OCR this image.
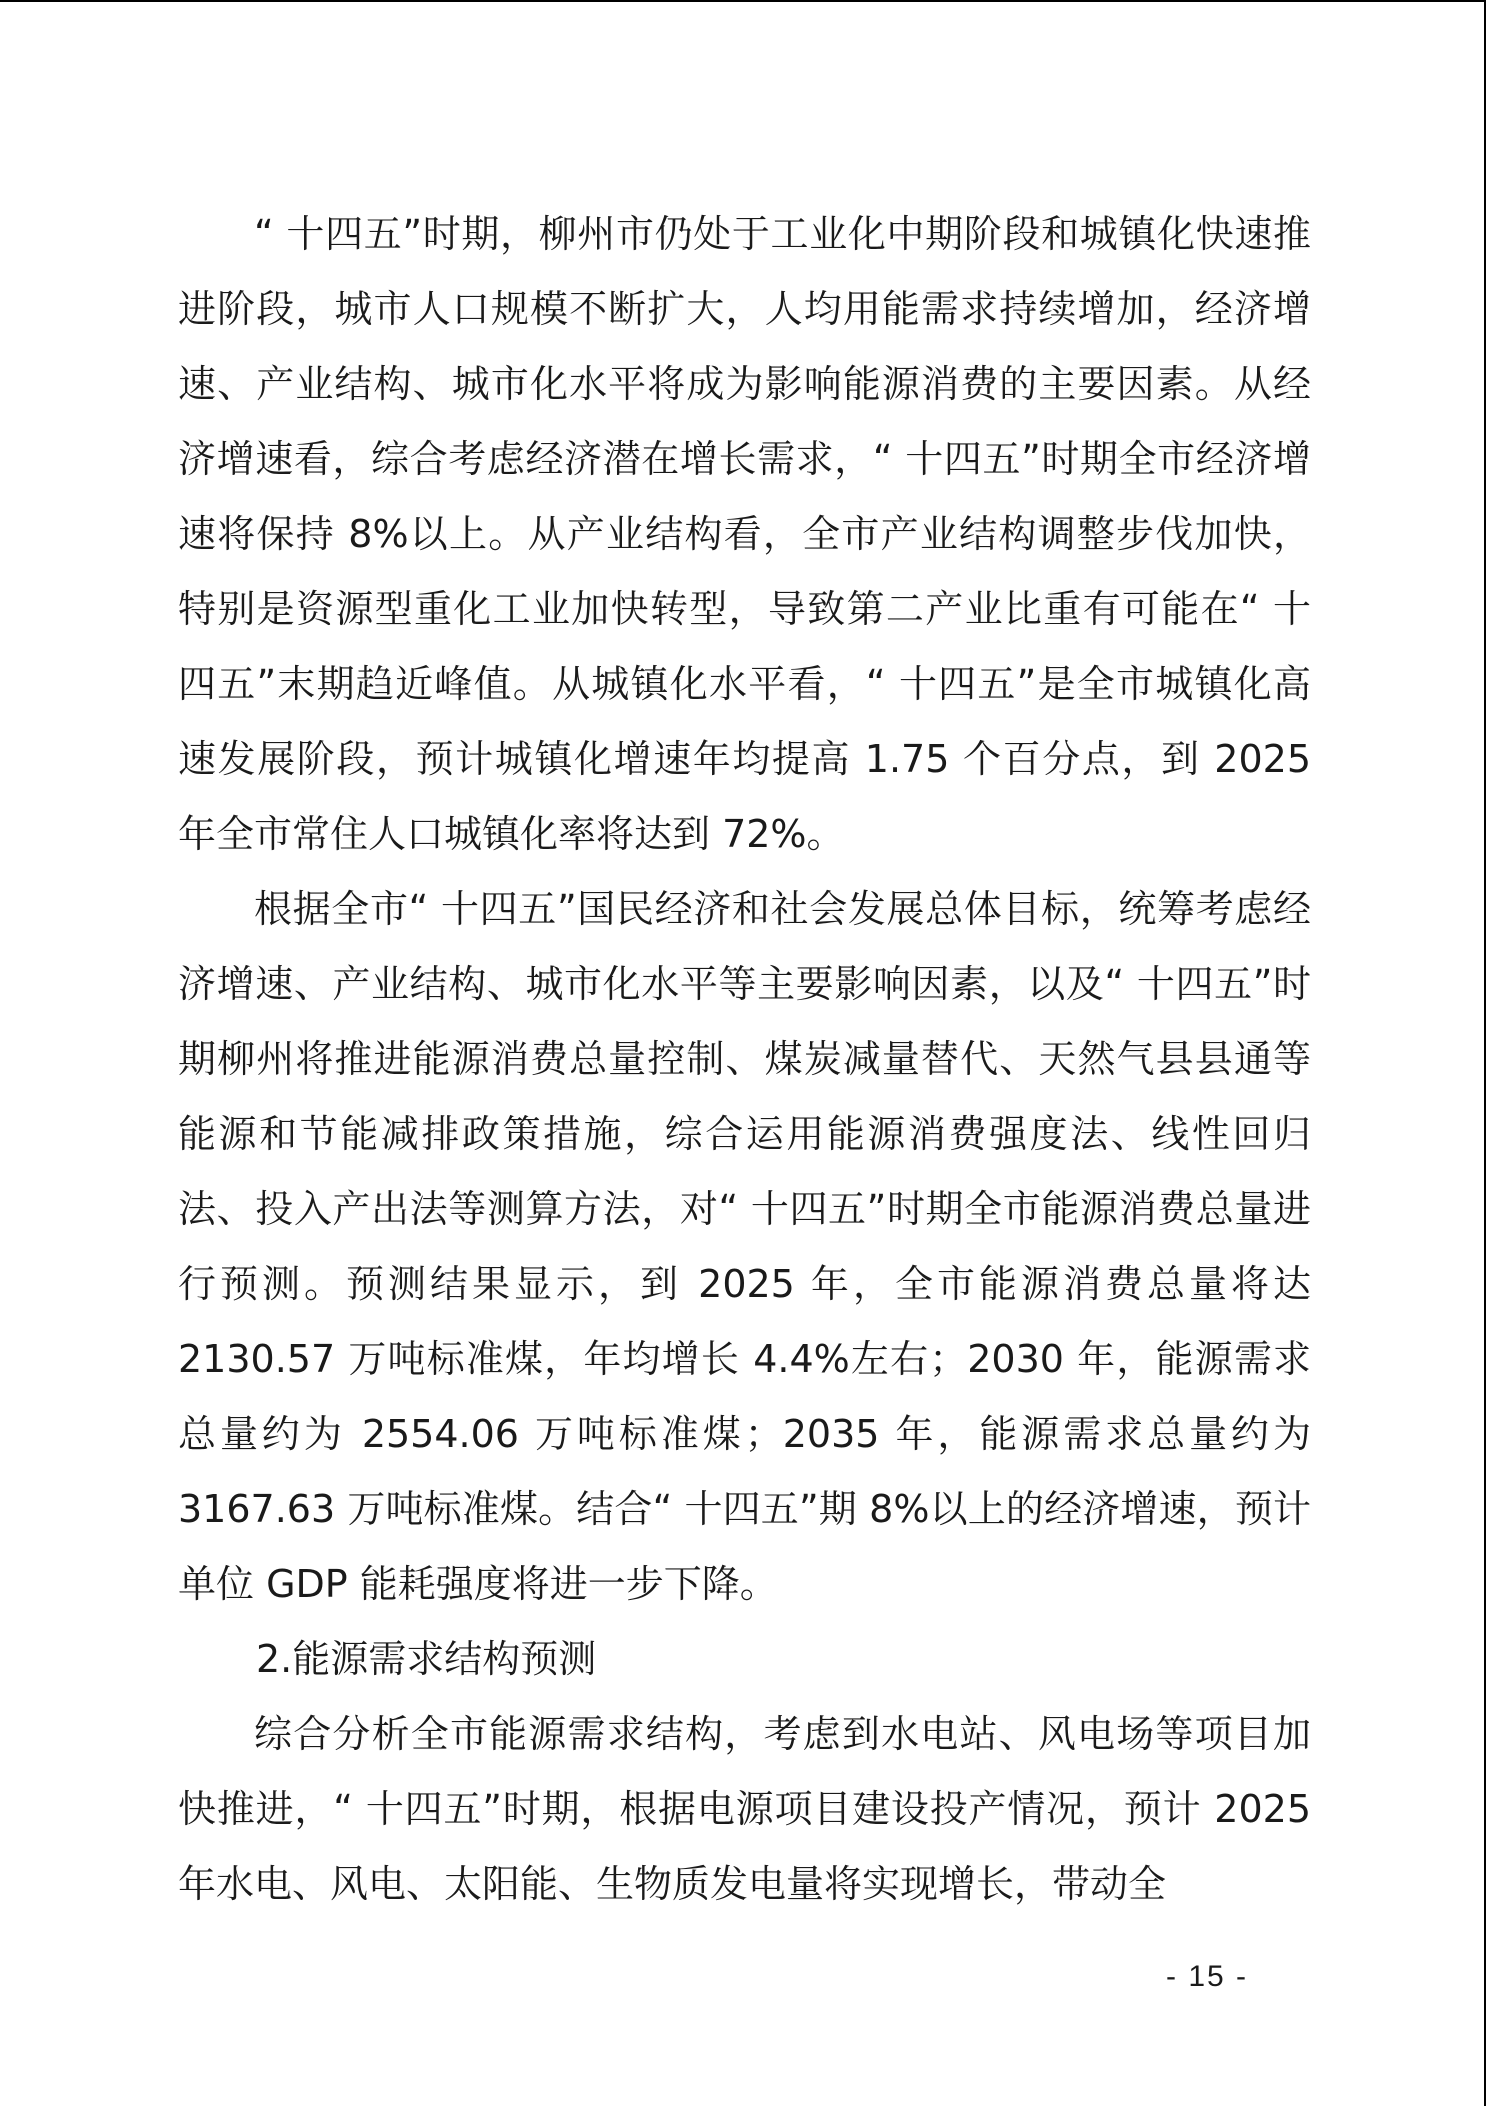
“ 十四五”时期，柳州市仍处于工业化中期阶段和城镇化快速推进阶段，城市人口规模不断扩大，人均用能需求持续增加，经济增速、产业结构、城市化水平将成为影响能源消费的主要因素。从经济增速看，综合考虑经济潜在增长需求，“ 十四五”时期全市经济增速将保持 8%以上。从产业结构看，全市产业结构调整步伐加快，特别是资源型重化工业加快转型，导致第二产业比重有可能在“ 十四五”末期趋近峰值。从城镇化水平看，“ 十四五”是全市城镇化高速发展阶段，预计城镇化增速年均提高 1.75 个百分点，到 2025 年全市常住人口城镇化率将达到 72%。

根据全市“ 十四五”国民经济和社会发展总体目标，统筹考虑经济增速、产业结构、城市化水平等主要影响因素，以及“ 十四五”时期柳州将推进能源消费总量控制、煤炭减量替代、天然气县县通等能源和节能减排政策措施，综合运用能源消费强度法、线性回归法、投入产出法等测算方法，对“ 十四五”时期全市能源消费总量进行预测。预测结果显示，到 2025 年，全市能源消费总量将达 2130.57 万吨标准煤，年均增长 4.4%左右；2030 年，能源需求总量约为 2554.06 万吨标准煤；2035 年，能源需求总量约为 3167.63 万吨标准煤。结合“ 十四五”期 8%以上的经济增速，预计单位 GDP 能耗强度将进一步下降。

2.能源需求结构预测

综合分析全市能源需求结构，考虑到水电站、风电场等项目加快推进，“ 十四五”时期，根据电源项目建设投产情况，预计 2025 年水电、风电、太阳能、生物质发电量将实现增长，带动全

- 15 -
